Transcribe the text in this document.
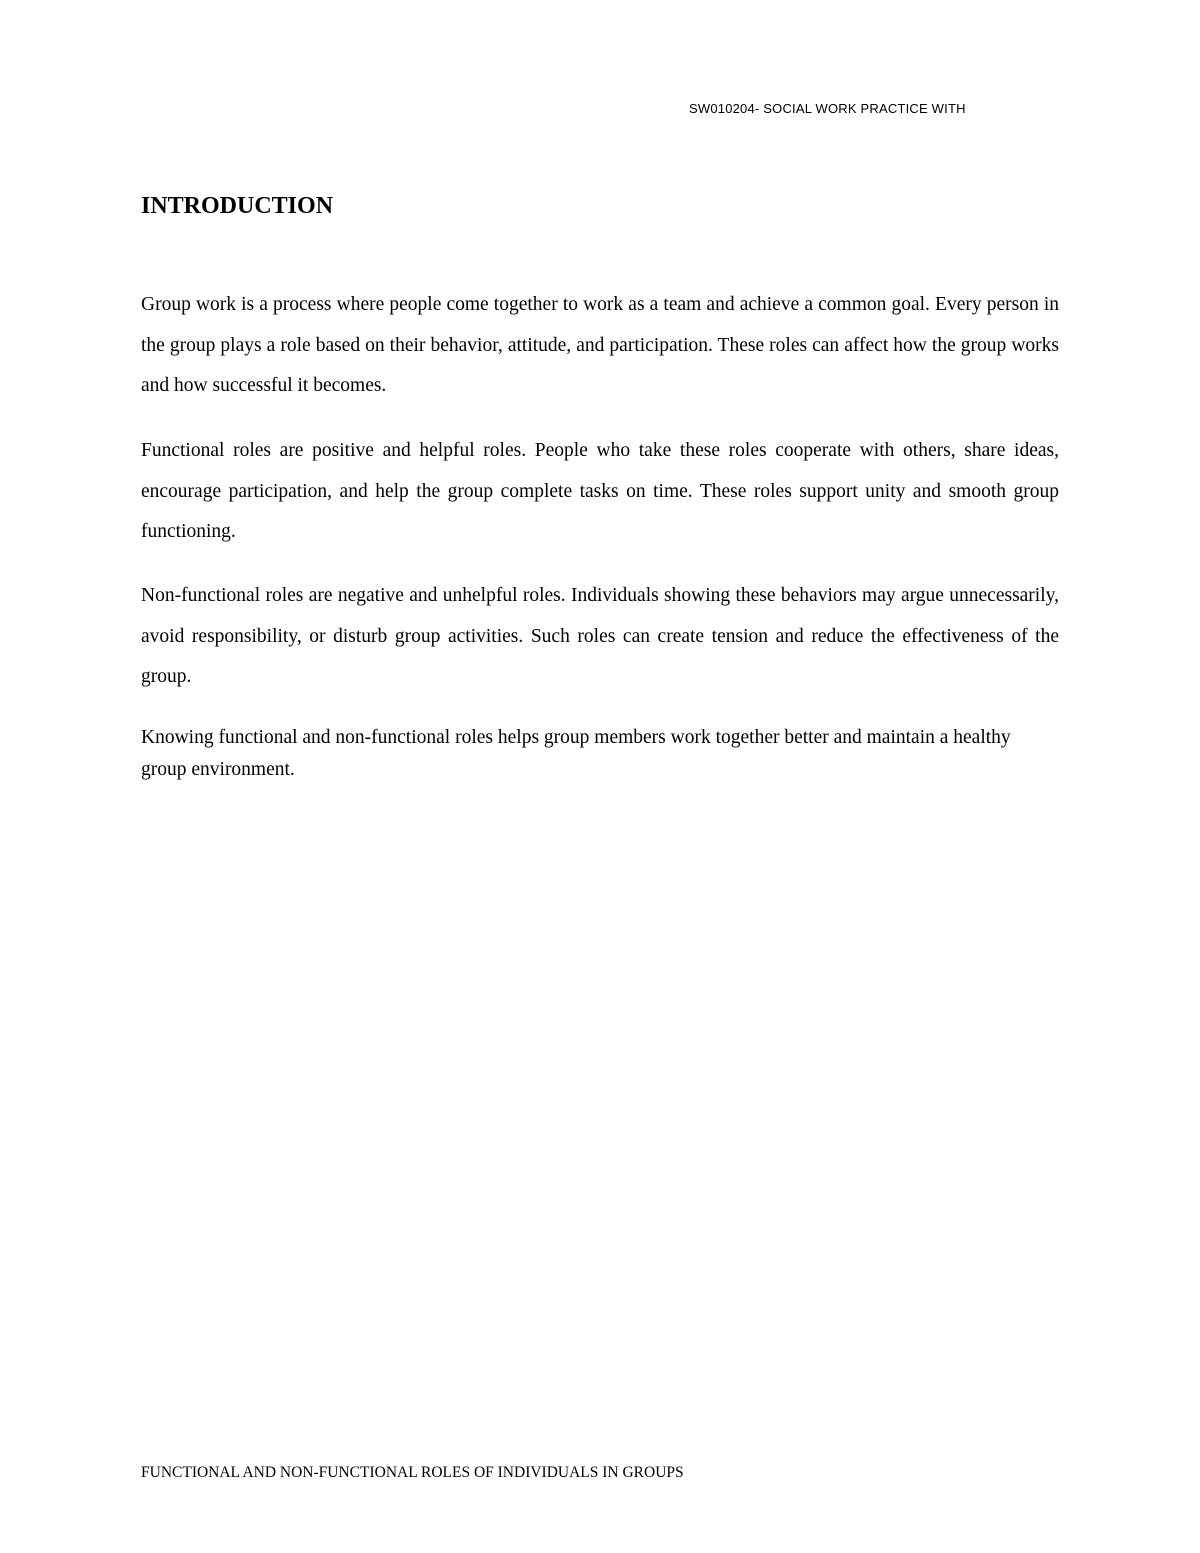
SW010204- SOCIAL WORK PRACTICE WITH
INTRODUCTION

Group work is a process where people come together to work as a team and achieve a common goal. Every person in the group plays a role based on their behavior, attitude, and participation. These roles can affect how the group works and how successful it becomes.

Functional roles are positive and helpful roles. People who take these roles cooperate with others, share ideas, encourage participation, and help the group complete tasks on time. These roles support unity and smooth group functioning.

Non-functional roles are negative and unhelpful roles. Individuals showing these behaviors may argue unnecessarily, avoid responsibility, or disturb group activities. Such roles can create tension and reduce the effectiveness of the group.

Knowing functional and non-functional roles helps group members work together better and maintain a healthy group environment.

FUNCTIONAL AND NON-FUNCTIONAL ROLES OF INDIVIDUALS IN GROUPS
